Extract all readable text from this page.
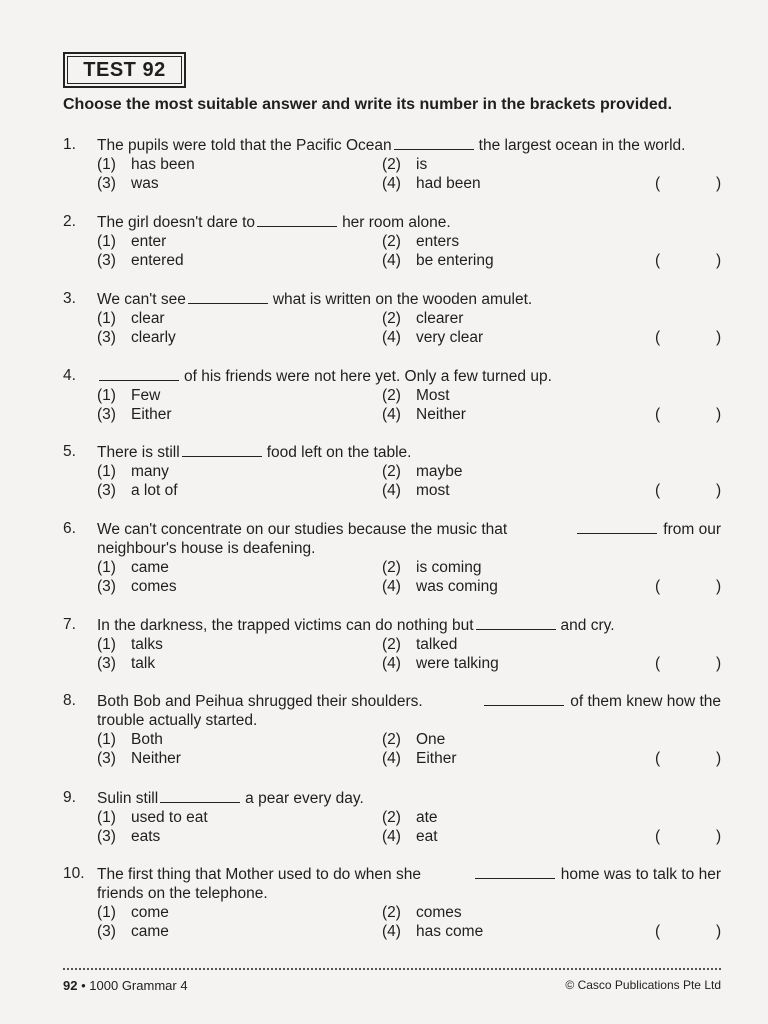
TEST 92
Choose the most suitable answer and write its number in the brackets provided.
1. The pupils were told that the Pacific Ocean	the largest ocean in the world.
(1) has been	(2) is
(3) was	(4) had been	(	)
2. The girl doesn't dare to	her room alone.
(1) enter	(2) enters
(3) entered	(4) be entering	(	)
3. We can't see	what is written on the wooden amulet.
(1) clear	(2) clearer
(3) clearly	(4) very clear	(	)
4.	of his friends were not here yet. Only a few turned up.
(1) Few	(2) Most
(3) Either	(4) Neither	(	)
5. There is still	food left on the table.
(1) many	(2) maybe
(3) a lot of	(4) most	(	)
6. We can't concentrate on our studies because the music that	from our
neighbour's house is deafening.
(1) came	(2) is coming
(3) comes	(4) was coming	(	)
7. In the darkness, the trapped victims can do nothing but	and cry.
(1) talks	(2) talked
(3) talk	(4) were talking	(	)
8. Both Bob and Peihua shrugged their shoulders.	of them knew how the
trouble actually started.
(1) Both	(2) One
(3) Neither	(4) Either	(	)
9. Sulin still	a pear every day.
(1) used to eat	(2) ate
(3) eats	(4) eat	(	)
10. The first thing that Mother used to do when she	home was to talk to her
friends on the telephone.
(1) come	(2) comes
(3) came	(4) has come	(	)
92 • 1000 Grammar 4	© Casco Publications Pte Ltd
